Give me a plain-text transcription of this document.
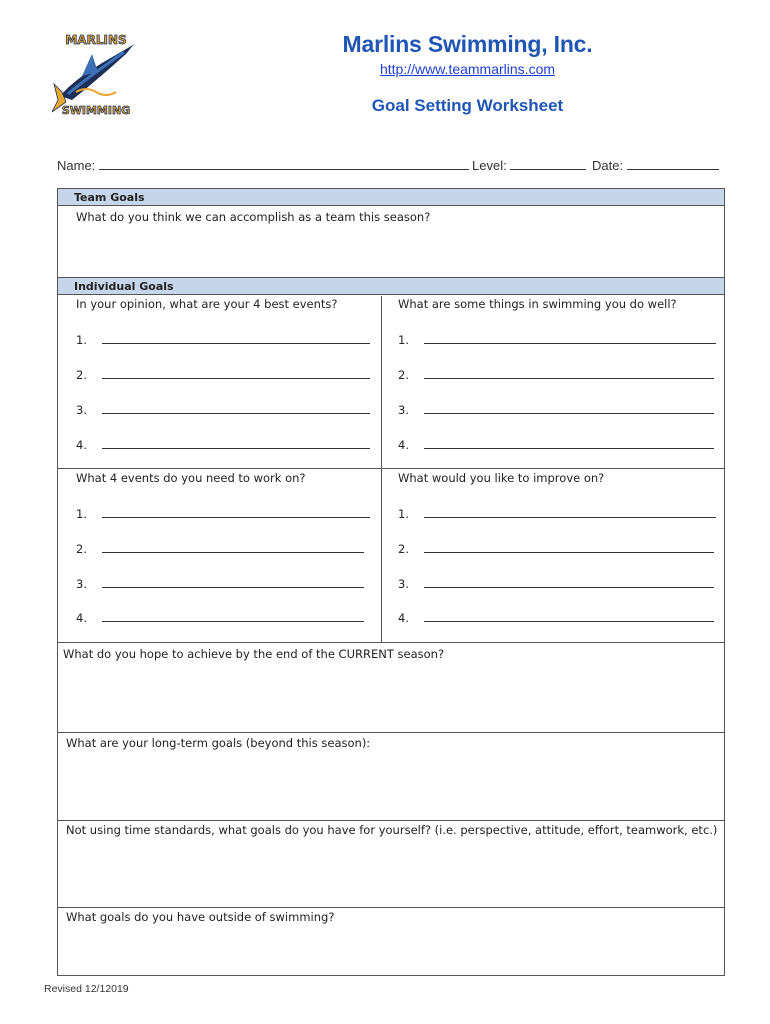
MARLINS
SWIMMING
Marlins Swimming, Inc.
http://www.teammarlins.com
Goal Setting Worksheet
Name:	Level:	Date:
Team Goals
What do you think we can accomplish as a team this season?
Individual Goals
In your opinion, what are your 4 best events?
1.
2.
3.
4.
What are some things in swimming you do well?
1.
2.
3.
4.
What 4 events do you need to work on?
1.
2.
3.
4.
What would you like to improve on?
1.
2.
3.
4.
What do you hope to achieve by the end of the CURRENT season?
What are your long-term goals (beyond this season):
Not using time standards, what goals do you have for yourself? (i.e. perspective, attitude, effort, teamwork, etc.)
What goals do you have outside of swimming?
Revised 12/12019
